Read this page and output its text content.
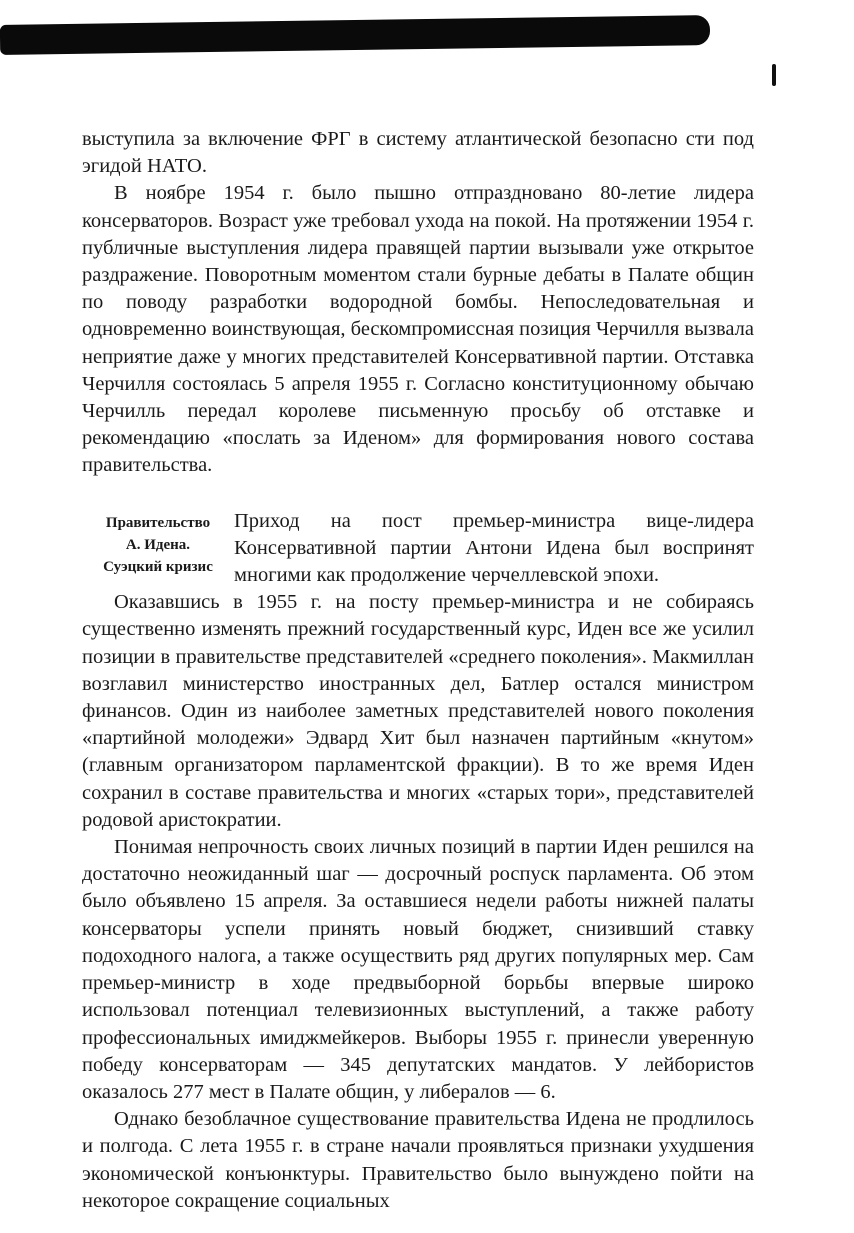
выступила за включение ФРГ в систему атлантической безопасно сти под эгидой НАТО.

В ноябре 1954 г. было пышно отпраздновано 80-летие лидера консерваторов. Возраст уже требовал ухода на покой. На протяжении 1954 г. публичные выступления лидера правящей партии вызывали уже открытое раздражение. Поворотным моментом стали бурные дебаты в Палате общин по поводу разработки водородной бомбы. Непоследовательная и одновременно воинствующая, бескомпромиссная позиция Черчилля вызвала неприятие даже у многих представителей Консервативной партии. Отставка Черчилля состоялась 5 апреля 1955 г. Согласно конституционному обычаю Черчилль передал королеве письменную просьбу об отставке и рекомендацию «послать за Иденом» для формирования нового состава правительства.

Правительство
А. Идена.
Суэцкий кризис
Приход на пост премьер-министра вице-лидера Консервативной партии Антони Идена был воспринят многими как продолжение черчеллевской эпохи.

Оказавшись в 1955 г. на посту премьер-министра и не собираясь существенно изменять прежний государственный курс, Иден все же усилил позиции в правительстве представителей «среднего поколения». Макмиллан возглавил министерство иностранных дел, Батлер остался министром финансов. Один из наиболее заметных представителей нового поколения «партийной молодежи» Эдвард Хит был назначен партийным «кнутом» (главным организатором парламентской фракции). В то же время Иден сохранил в составе правительства и многих «старых тори», представителей родовой аристократии.

Понимая непрочность своих личных позиций в партии Иден решился на достаточно неожиданный шаг — досрочный роспуск парламента. Об этом было объявлено 15 апреля. За оставшиеся недели работы нижней палаты консерваторы успели принять новый бюджет, снизивший ставку подоходного налога, а также осуществить ряд других популярных мер. Сам премьер-министр в ходе предвыборной борьбы впервые широко использовал потенциал телевизионных выступлений, а также работу профессиональных имиджмейкеров. Выборы 1955 г. принесли уверенную победу консерваторам — 345 депутатских мандатов. У лейбористов оказалось 277 мест в Палате общин, у либералов — 6.

Однако безоблачное существование правительства Идена не продлилось и полгода. С лета 1955 г. в стране начали проявляться признаки ухудшения экономической конъюнктуры. Правительство было вынуждено пойти на некоторое сокращение социальных
